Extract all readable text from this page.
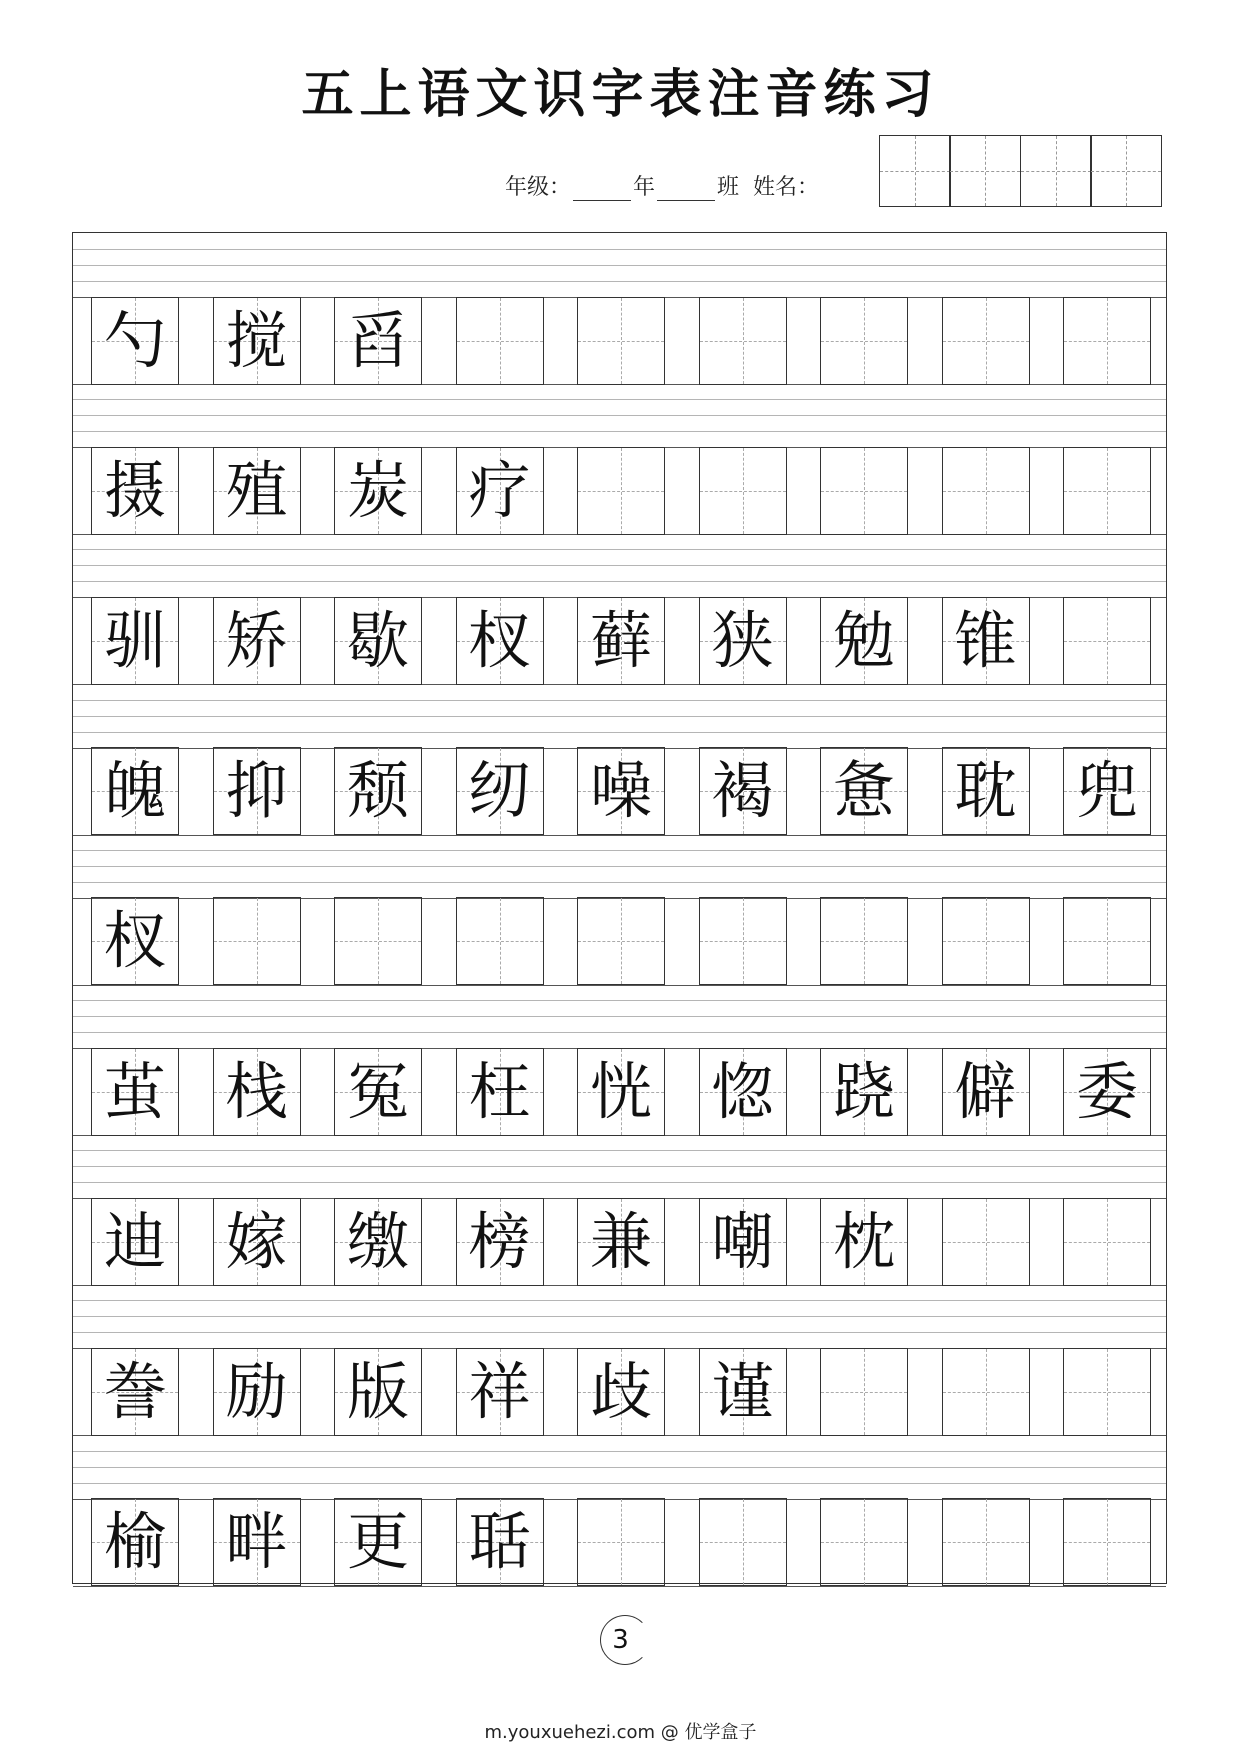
五上语文识字表注音练习
年级：	年	班
姓名：
勺 搅 舀
摄 殖 炭 疗
驯 矫 歇 杈 藓 狭 勉 锥
魄 抑 颓 纫 噪 褐 惫 耽 兜
杈
茧 栈 冤 枉 恍 惚 跷 僻 委
迪 嫁 缴 榜 兼 嘲 枕
誊 励 版 祥 歧 谨
榆 畔 更 聒
3
m.youxuehezi.com @ 优学盒子
